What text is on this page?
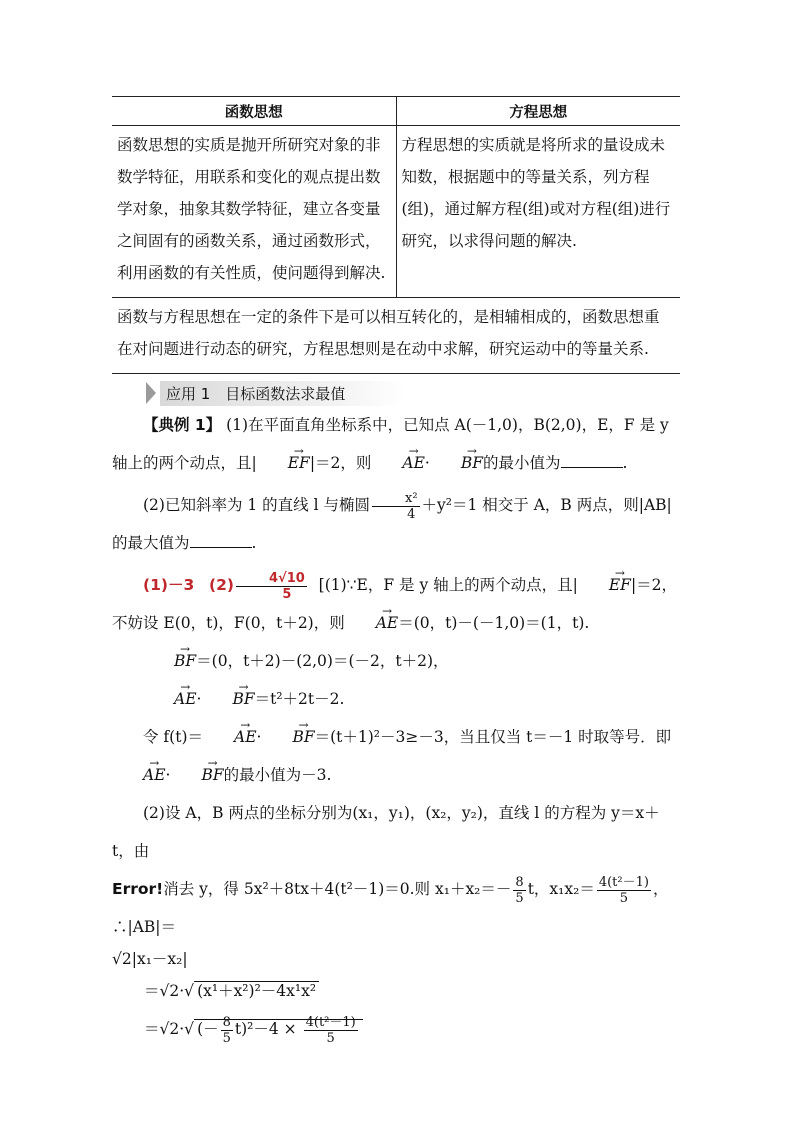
函数思想	方程思想
函数思想的实质是抛开所研究对象的非数学特征，用联系和变化的观点提出数学对象，抽象其数学特征，建立各变量之间固有的函数关系，通过函数形式，利用函数的有关性质，使问题得到解决.	方程思想的实质就是将所求的量设成未知数，根据题中的等量关系，列方程(组)，通过解方程(组)或对方程(组)进行研究，以求得问题的解决.
函数与方程思想在一定的条件下是可以相互转化的，是相辅相成的，函数思想重在对问题进行动态的研究，方程思想则是在动中求解，研究运动中的等量关系.	
应用 1　目标函数法求最值
【典例 1】 (1)在平面直角坐标系中，已知点 A(－1,0)，B(2,0)，E，F 是 y 轴上的两个动点，且| → EF|＝2，则 → AE· → BF的最小值为	.
(2)已知斜率为 1 的直线 l 与椭圆 $\frac{\text{x²}}{4} +y^2=1$ 相交于 A，B 两点，则|AB|的最大值为	.
(1)－3 $(2) \frac{4√10}{5}$ [(1)∵E，F 是 y 轴上的两个动点，且| → EF|＝2，不妨设 E(0，t)，F(0，t＋2)，则 → AE＝(0，t)－(－1,0)＝(1，t).
→ BF＝(0，t＋2)－(2,0)＝(－2，t＋2)，
→ AE· → BF＝t²＋2t－2.
令 f(t)＝ → AE· → BF＝(t＋1)²－3≥－3，当且仅当 t＝－1 时取等号．即→ AE· → BF的最小值为－3.
(2)设 A，B 两点的坐标分别为(x₁，y₁)，(x₂，y₂)，直线 l 的方程为 y＝x＋t，由
Error!消去 y，得 5x²＋8tx＋4(t²－1)＝0.则 $x_1+x_2=- \frac{8}{5}$ t，$x_1x_2= \frac{\text{4(t²－1)}}{5}$ ，∴|AB|＝
√2|x₁－x₂|
＝√2·√ (x¹＋x²)²－4x¹x²
＝√2·√ (－ $\frac{8}{5} t)^2-4 \times \frac{\text{4(t²－1)}}{5}$
